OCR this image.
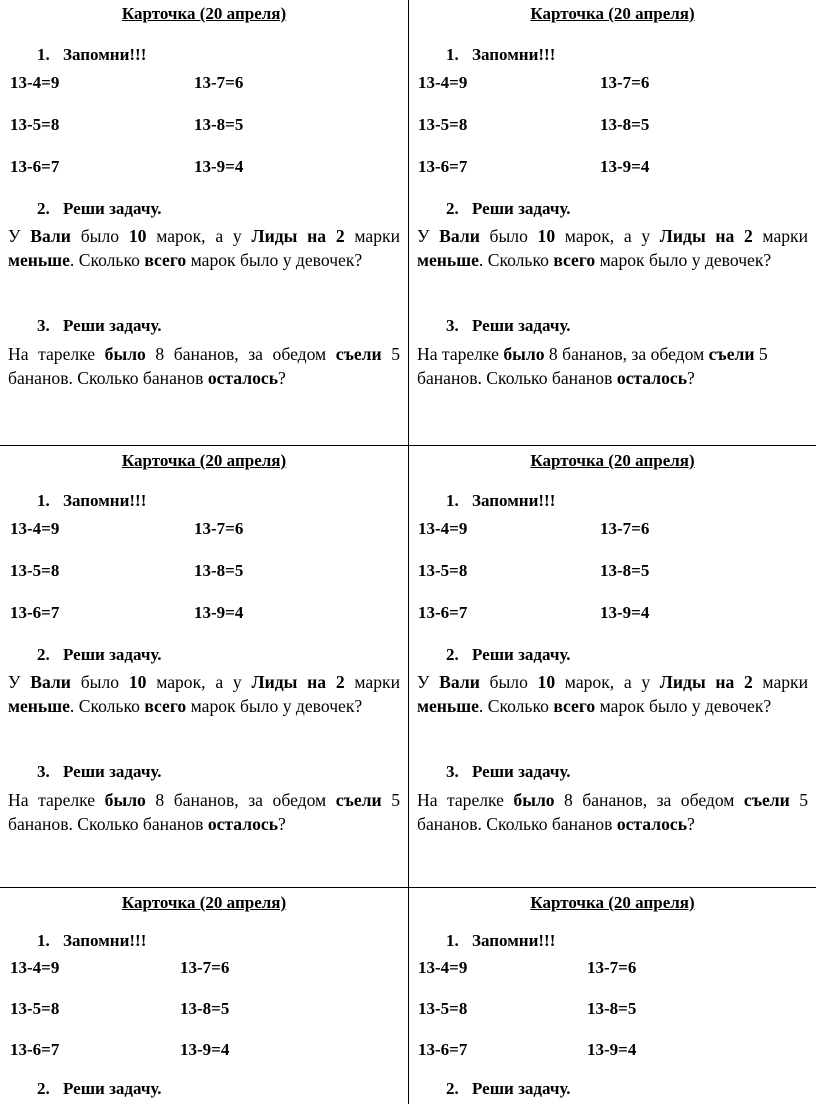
Карточка (20 апреля)
1. Запомни!!!
13-4=9
13-5=8
13-6=7
13-7=6
13-8=5
13-9=4
2. Реши задачу.
У Вали было 10 марок, а у Лиды на 2 марки меньше. Сколько всего марок было у девочек?
3. Реши задачу.
На тарелке было 8 бананов, за обедом съели 5 бананов. Сколько бананов осталось?
Карточка (20 апреля)
1. Запомни!!!
13-4=9
13-5=8
13-6=7
13-7=6
13-8=5
13-9=4
2. Реши задачу.
У Вали было 10 марок, а у Лиды на 2 марки меньше. Сколько всего марок было у девочек?
3. Реши задачу.
На тарелке было 8 бананов, за обедом съели 5 бананов. Сколько бананов осталось?
Карточка (20 апреля)
1. Запомни!!!
13-4=9
13-5=8
13-6=7
13-7=6
13-8=5
13-9=4
2. Реши задачу.
У Вали было 10 марок, а у Лиды на 2 марки меньше. Сколько всего марок было у девочек?
3. Реши задачу.
На тарелке было 8 бананов, за обедом съели 5 бананов. Сколько бананов осталось?
Карточка (20 апреля)
1. Запомни!!!
13-4=9
13-5=8
13-6=7
13-7=6
13-8=5
13-9=4
2. Реши задачу.
У Вали было 10 марок, а у Лиды на 2 марки меньше. Сколько всего марок было у девочек?
3. Реши задачу.
На тарелке было 8 бананов, за обедом съели 5 бананов. Сколько бананов осталось?
Карточка (20 апреля)
1. Запомни!!!
13-4=9
13-5=8
13-6=7
13-7=6
13-8=5
13-9=4
2. Реши задачу.
Карточка (20 апреля)
1. Запомни!!!
13-4=9
13-5=8
13-6=7
13-7=6
13-8=5
13-9=4
2. Реши задачу.
